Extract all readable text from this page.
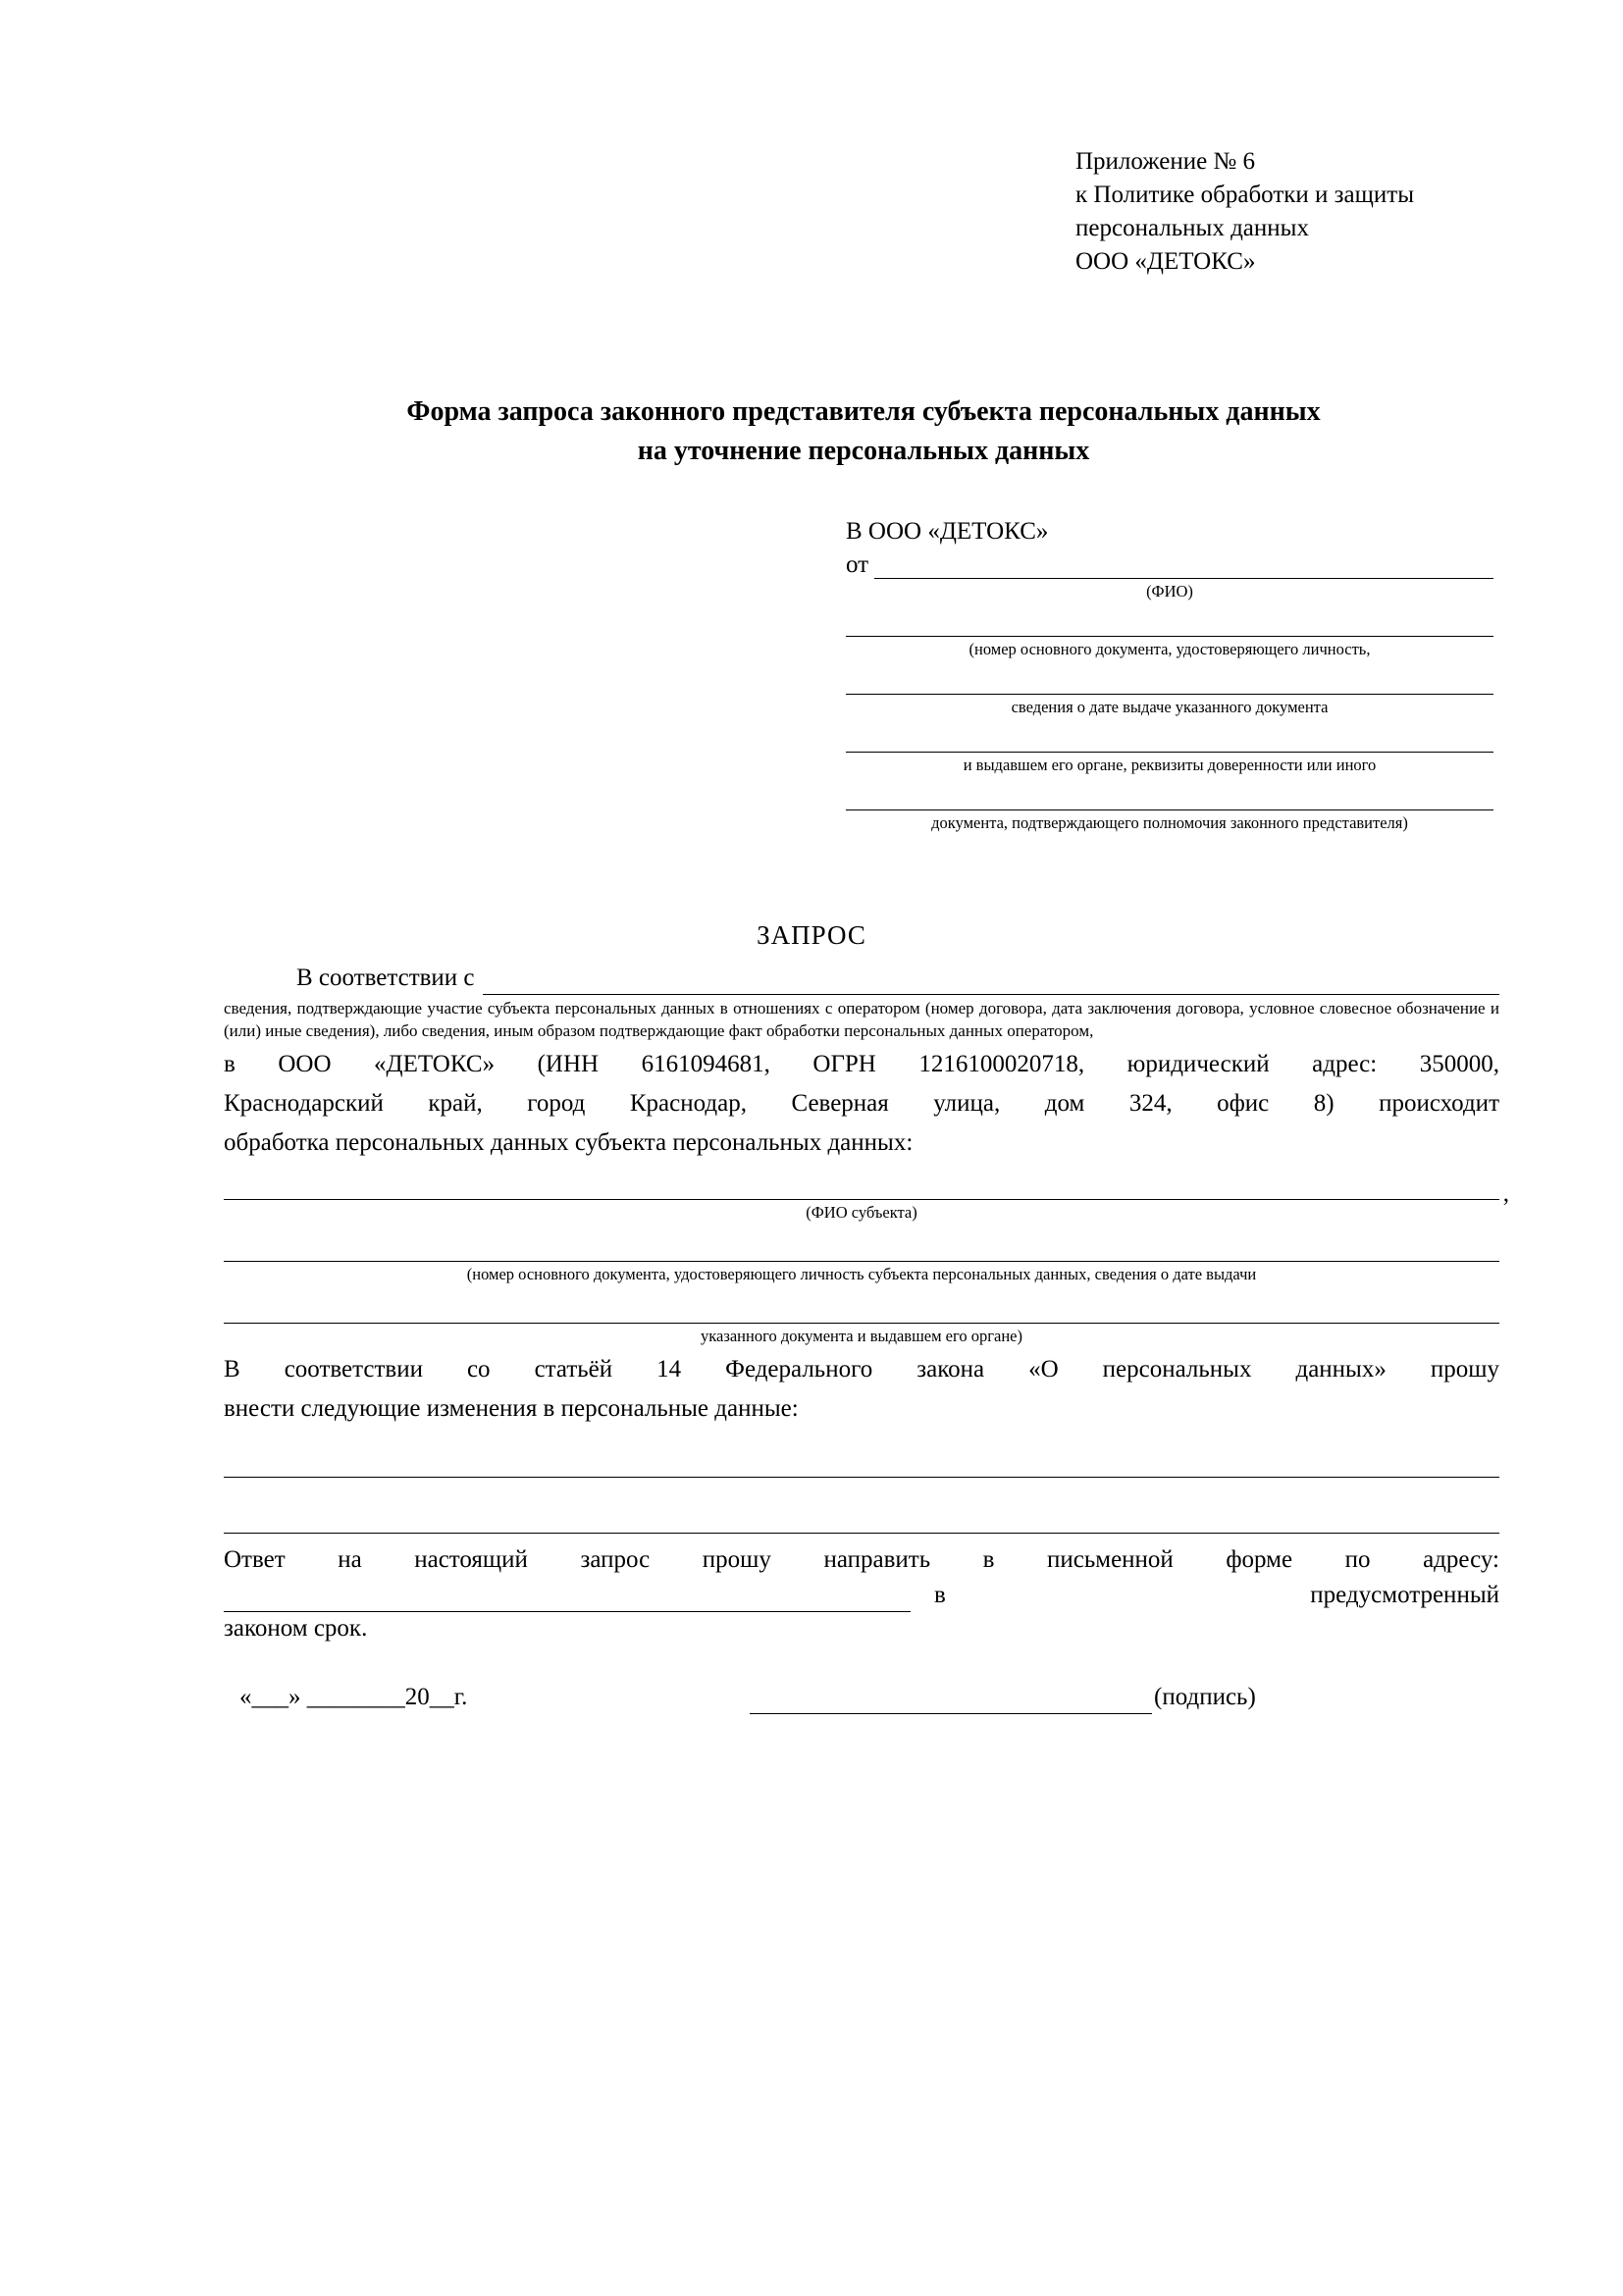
Приложение № 6
к Политике обработки и защиты
персональных данных
ООО «ДЕТОКС»
Форма запроса законного представителя субъекта персональных данных
на уточнение персональных данных
В ООО «ДЕТОКС»
от
(ФИО)
(номер основного документа, удостоверяющего личность,
сведения о дате выдаче указанного документа
и выдавшем его органе, реквизиты доверенности или иного
документа, подтверждающего полномочия законного представителя)
ЗАПРОС
В соответствии с
сведения, подтверждающие участие субъекта персональных данных в отношениях с оператором (номер договора, дата заключения договора, условное словесное обозначение и (или) иные сведения), либо сведения, иным образом подтверждающие факт обработки персональных данных оператором,
в ООО «ДЕТОКС» (ИНН 6161094681, ОГРН 1216100020718, юридический адрес: 350000,
Краснодарский край, город Краснодар, Северная улица, дом 324, офис 8) происходит
обработка персональных данных субъекта персональных данных:
,
(ФИО субъекта)
(номер основного документа, удостоверяющего личность субъекта персональных данных, сведения о дате выдачи
указанного документа и выдавшем его органе)
В соответствии со статьёй 14 Федерального закона «О персональных данных» прошу
внести следующие изменения в персональные данные:
Ответ на настоящий запрос прошу направить в письменной форме по адресу:
в	предусмотренный
законом срок.
«___» ________20__г.	(подпись)
